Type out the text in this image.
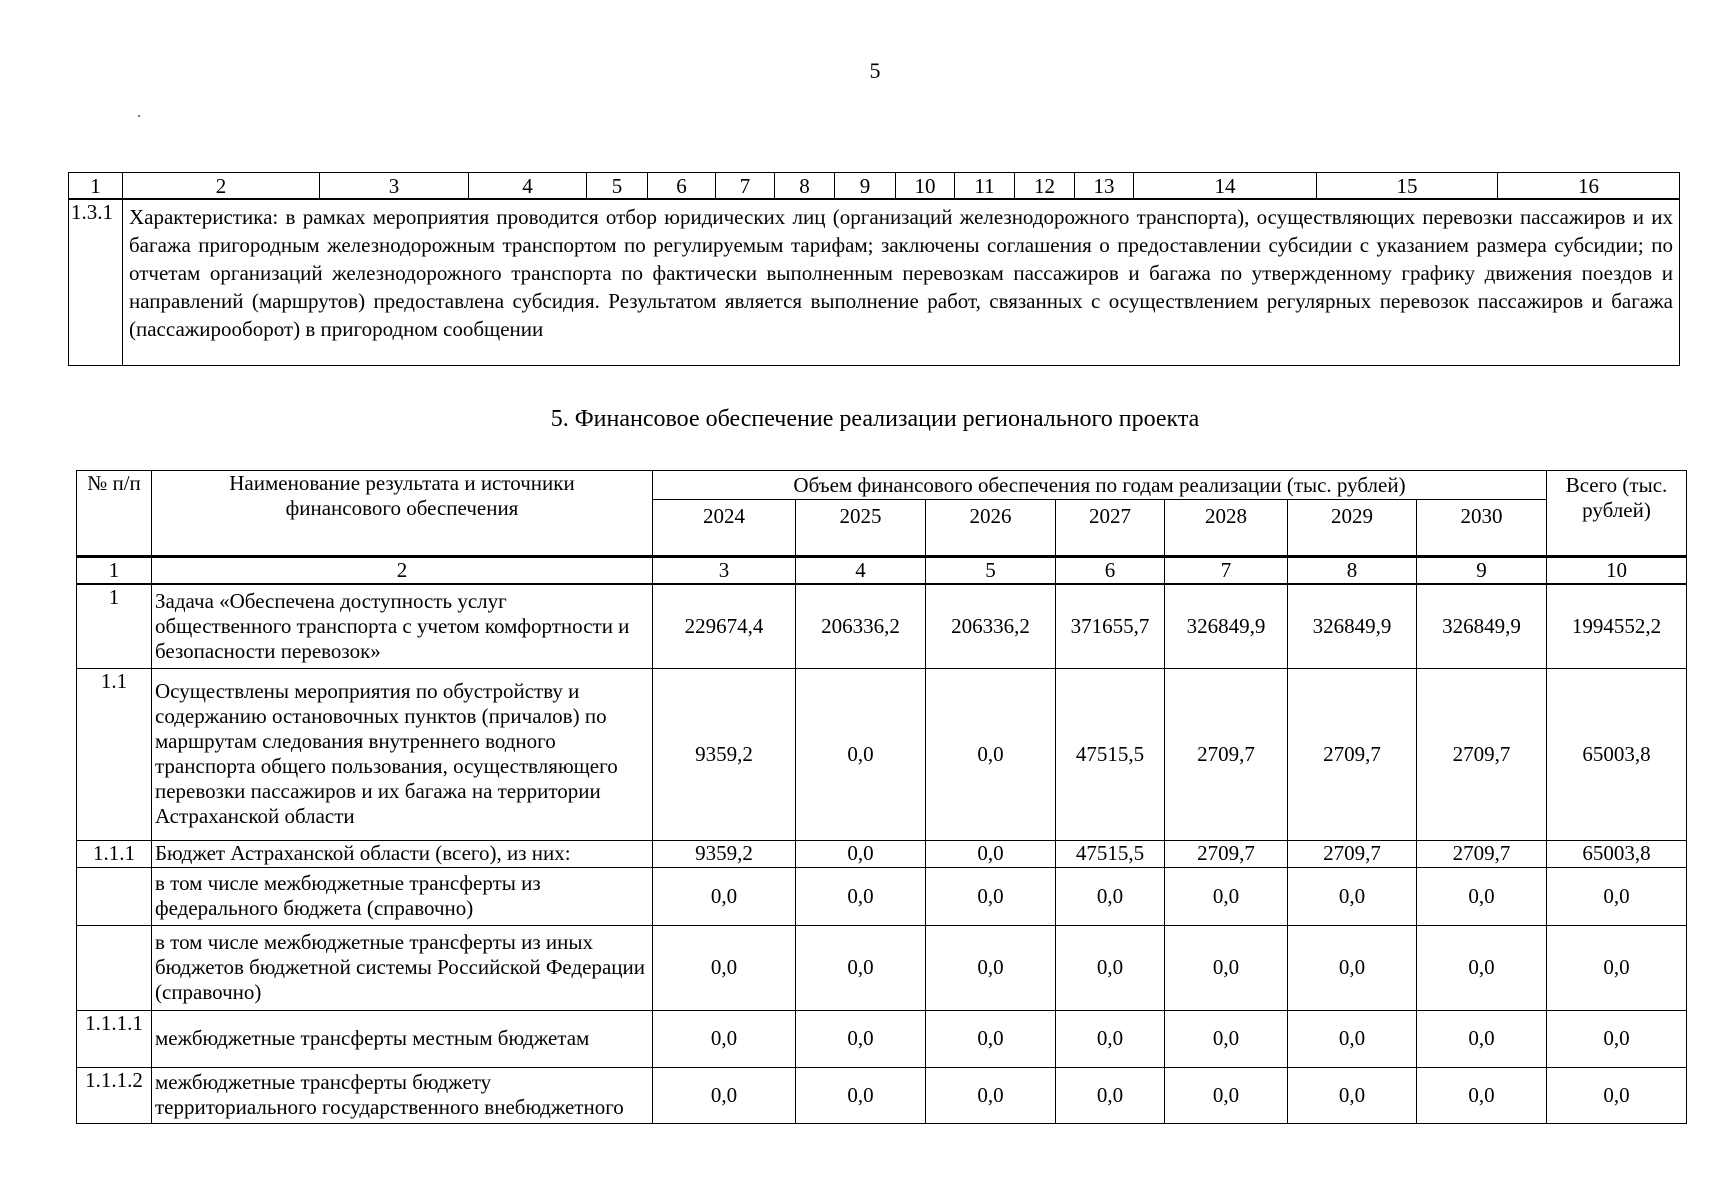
5
1	2	3	4	5	6	7	8	9	10	11	12	13	14	15	16
1.3.1	Характеристика: в рамках мероприятия проводится отбор юридических лиц (организаций железнодорожного транспорта), осуществляющих перевозки пассажиров и их багажа пригородным железнодорожным транспортом по регулируемым тарифам; заключены соглашения о предоставлении субсидии с указанием размера субсидии; по отчетам организаций железнодорожного транспорта по фактически выполненным перевозкам пассажиров и багажа по утвержденному графику движения поездов и направлений (маршрутов) предоставлена субсидия. Результатом является выполнение работ, связанных с осуществлением регулярных перевозок пассажиров и багажа (пассажирооборот) в пригородном сообщении														
5. Финансовое обеспечение реализации регионального проекта
№ п/п	Наименование результата и источники финансового обеспечения	Объем финансового обеспечения по годам реализации (тыс. рублей)							Всего (тыс. рублей)
		2024	2025	2026	2027	2028	2029	2030	
1	2	3	4	5	6	7	8	9	10
1	Задача «Обеспечена доступность услуг общественного транспорта с учетом комфортности и безопасности перевозок»	229674,4	206336,2	206336,2	371655,7	326849,9	326849,9	326849,9	1994552,2
1.1	Осуществлены мероприятия по обустройству и содержанию остановочных пунктов (причалов) по маршрутам следования внутреннего водного транспорта общего пользования, осуществляющего перевозки пассажиров и их багажа на территории Астраханской области	9359,2	0,0	0,0	47515,5	2709,7	2709,7	2709,7	65003,8
1.1.1	Бюджет Астраханской области (всего), из них:	9359,2	0,0	0,0	47515,5	2709,7	2709,7	2709,7	65003,8
	в том числе межбюджетные трансферты из федерального бюджета (справочно)	0,0	0,0	0,0	0,0	0,0	0,0	0,0	0,0
	в том числе межбюджетные трансферты из иных бюджетов бюджетной системы Российской Федерации (справочно)	0,0	0,0	0,0	0,0	0,0	0,0	0,0	0,0
1.1.1.1	межбюджетные трансферты местным бюджетам	0,0	0,0	0,0	0,0	0,0	0,0	0,0	0,0
1.1.1.2	межбюджетные трансферты бюджету территориального государственного внебюджетного	0,0	0,0	0,0	0,0	0,0	0,0	0,0	0,0
